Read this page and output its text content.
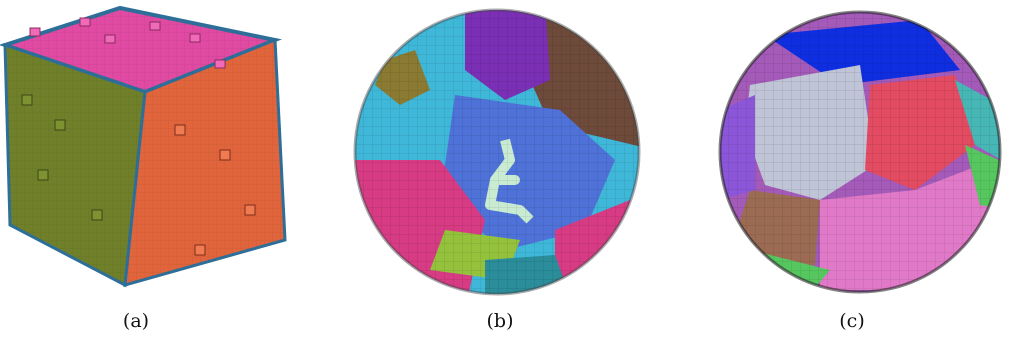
(a)	(b)	(c)
